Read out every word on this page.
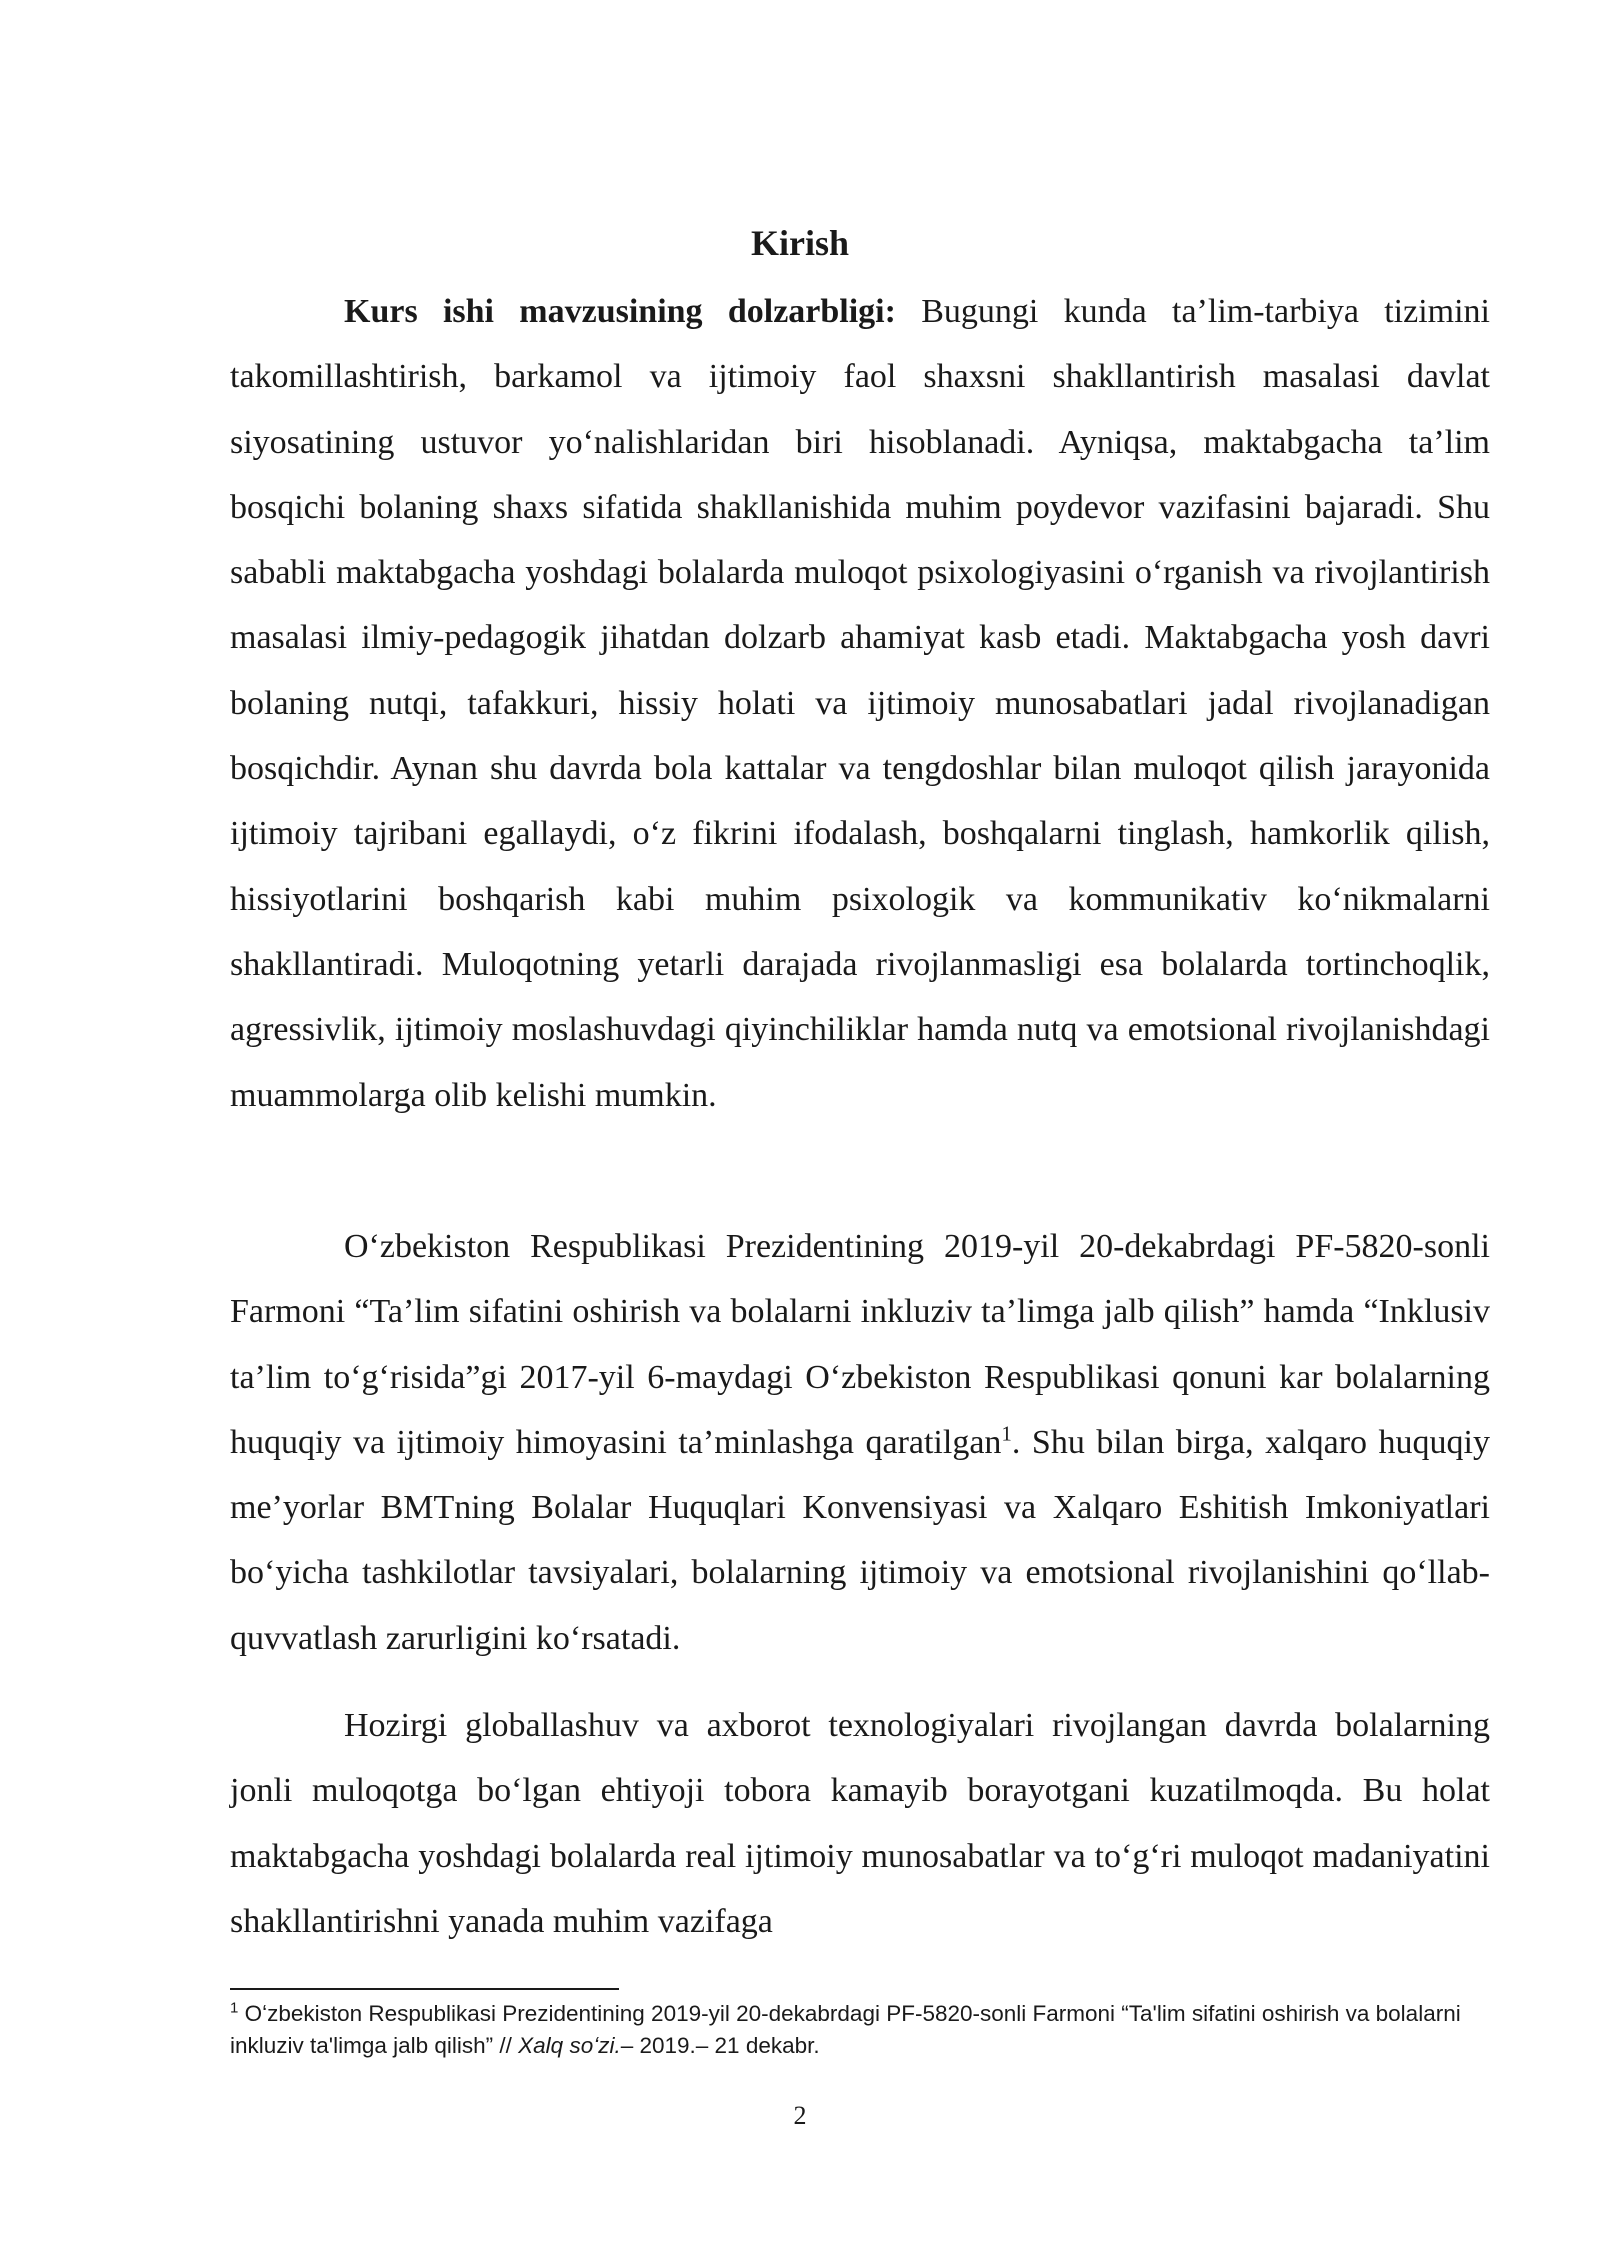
Kirish

Kurs ishi mavzusining dolzarbligi: Bugungi kunda ta’lim-tarbiya tizimini takomillashtirish, barkamol va ijtimoiy faol shaxsni shakllantirish masalasi davlat siyosatining ustuvor yoʻnalishlaridan biri hisoblanadi. Ayniqsa, maktabgacha ta’lim bosqichi bolaning shaxs sifatida shakllanishida muhim poydevor vazifasini bajaradi. Shu sababli maktabgacha yoshdagi bolalarda muloqot psixologiyasini oʻrganish va rivojlantirish masalasi ilmiy-pedagogik jihatdan dolzarb ahamiyat kasb etadi. Maktabgacha yosh davri bolaning nutqi, tafakkuri, hissiy holati va ijtimoiy munosabatlari jadal rivojlanadigan bosqichdir. Aynan shu davrda bola kattalar va tengdoshlar bilan muloqot qilish jarayonida ijtimoiy tajribani egallaydi, oʻz fikrini ifodalash, boshqalarni tinglash, hamkorlik qilish, hissiyotlarini boshqarish kabi muhim psixologik va kommunikativ koʻnikmalarni shakllantiradi. Muloqotning yetarli darajada rivojlanmasligi esa bolalarda tortinchoqlik, agressivlik, ijtimoiy moslashuvdagi qiyinchiliklar hamda nutq va emotsional rivojlanishdagi muammolarga olib kelishi mumkin.

Oʻzbekiston Respublikasi Prezidentining 2019-yil 20-dekabrdagi PF-5820-sonli Farmoni “Ta’lim sifatini oshirish va bolalarni inkluziv ta’limga jalb qilish” hamda “Inklusiv ta’lim toʻgʻrisida”gi 2017-yil 6-maydagi Oʻzbekiston Respublikasi qonuni kar bolalarning huquqiy va ijtimoiy himoyasini ta’minlashga qaratilgan$^1$. Shu bilan birga, xalqaro huquqiy me’yorlar BMTning Bolalar Huquqlari Konvensiyasi va Xalqaro Eshitish Imkoniyatlari boʻyicha tashkilotlar tavsiyalari, bolalarning ijtimoiy va emotsional rivojlanishini qoʻllab-quvvatlash zarurligini koʻrsatadi.

Hozirgi globallashuv va axborot texnologiyalari rivojlangan davrda bolalarning jonli muloqotga boʻlgan ehtiyoji tobora kamayib borayotgani kuzatilmoqda. Bu holat maktabgacha yoshdagi bolalarda real ijtimoiy munosabatlar va toʻgʻri muloqot madaniyatini shakllantirishni yanada muhim vazifaga

$^1$ Oʻzbekiston Respublikasi Prezidentining 2019-yil 20-dekabrdagi PF-5820-sonli Farmoni “Ta'lim sifatini oshirish va bolalarni inkluziv ta'limga jalb qilish” // Xalq soʻzi.– 2019.– 21 dekabr.
2
